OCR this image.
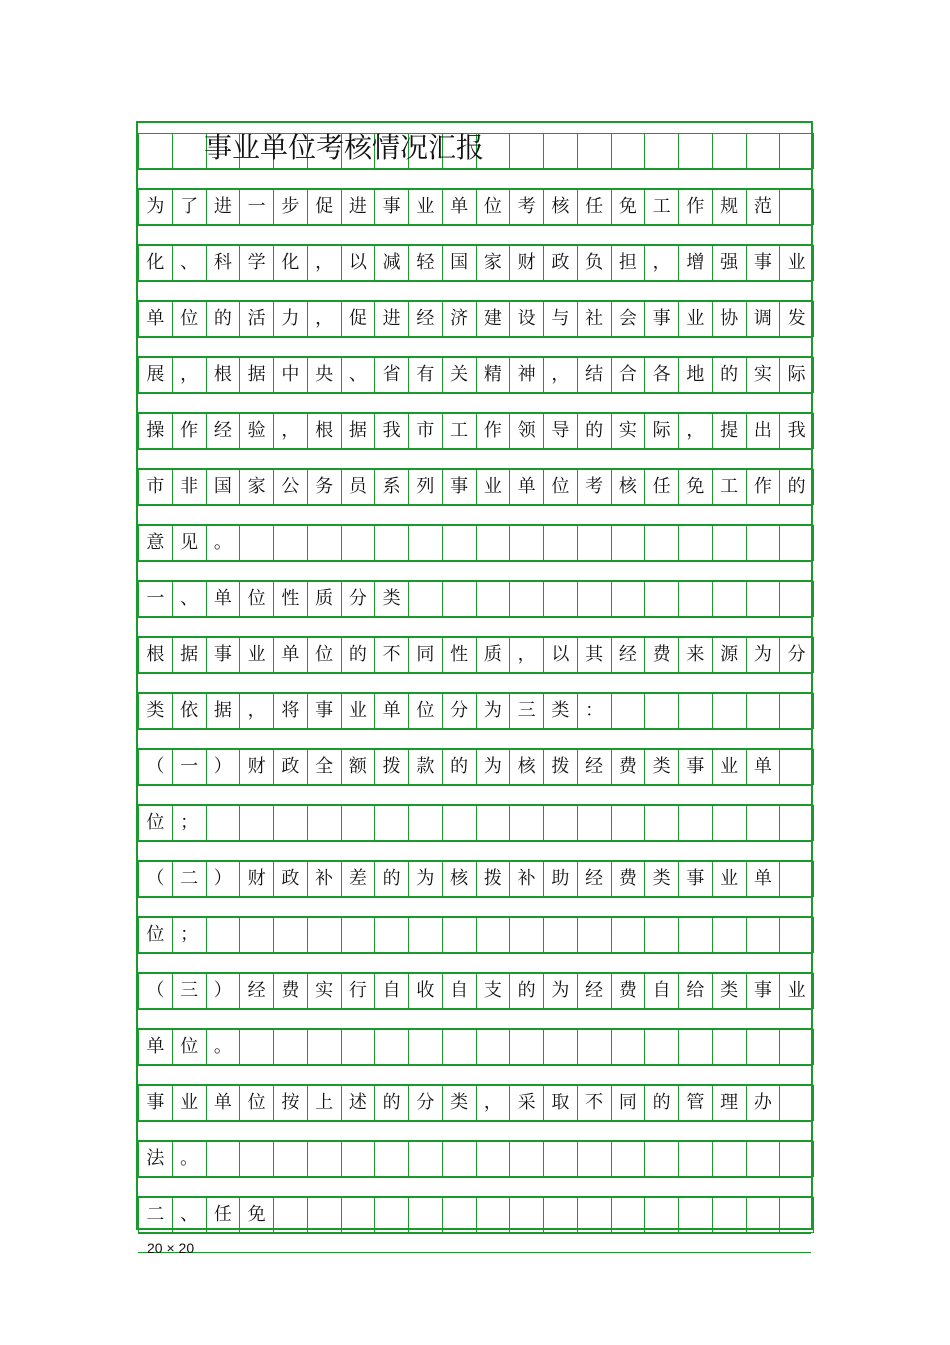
为 了 进 一 步 促 进 事 业 单 位 考 核 任 免 工 作 规 范
化 、 科 学 化 ， 以 减 轻 国 家 财 政 负 担 ， 增 强 事 业
单 位 的 活 力 ， 促 进 经 济 建 设 与 社 会 事 业 协 调 发
展 ， 根 据 中 央 、 省 有 关 精 神 ， 结 合 各 地 的 实 际
操 作 经 验 ， 根 据 我 市 工 作 领 导 的 实 际 ， 提 出 我
市 非 国 家 公 务 员 系 列 事 业 单 位 考 核 任 免 工 作 的
意 见 。
一 、 单 位 性 质 分 类
根 据 事 业 单 位 的 不 同 性 质 ， 以 其 经 费 来 源 为 分
类 依 据 ， 将 事 业 单 位 分 为 三 类 ：
（ 一 ） 财 政 全 额 拨 款 的 为 核 拨 经 费 类 事 业 单
位 ；
（ 二 ） 财 政 补 差 的 为 核 拨 补 助 经 费 类 事 业 单
位 ；
（ 三 ） 经 费 实 行 自 收 自 支 的 为 经 费 自 给 类 事 业
单 位 。
事 业 单 位 按 上 述 的 分 类 ， 采 取 不 同 的 管 理 办
法 。
二 、 任 免
事业单位考核情况汇报
20 × 20
